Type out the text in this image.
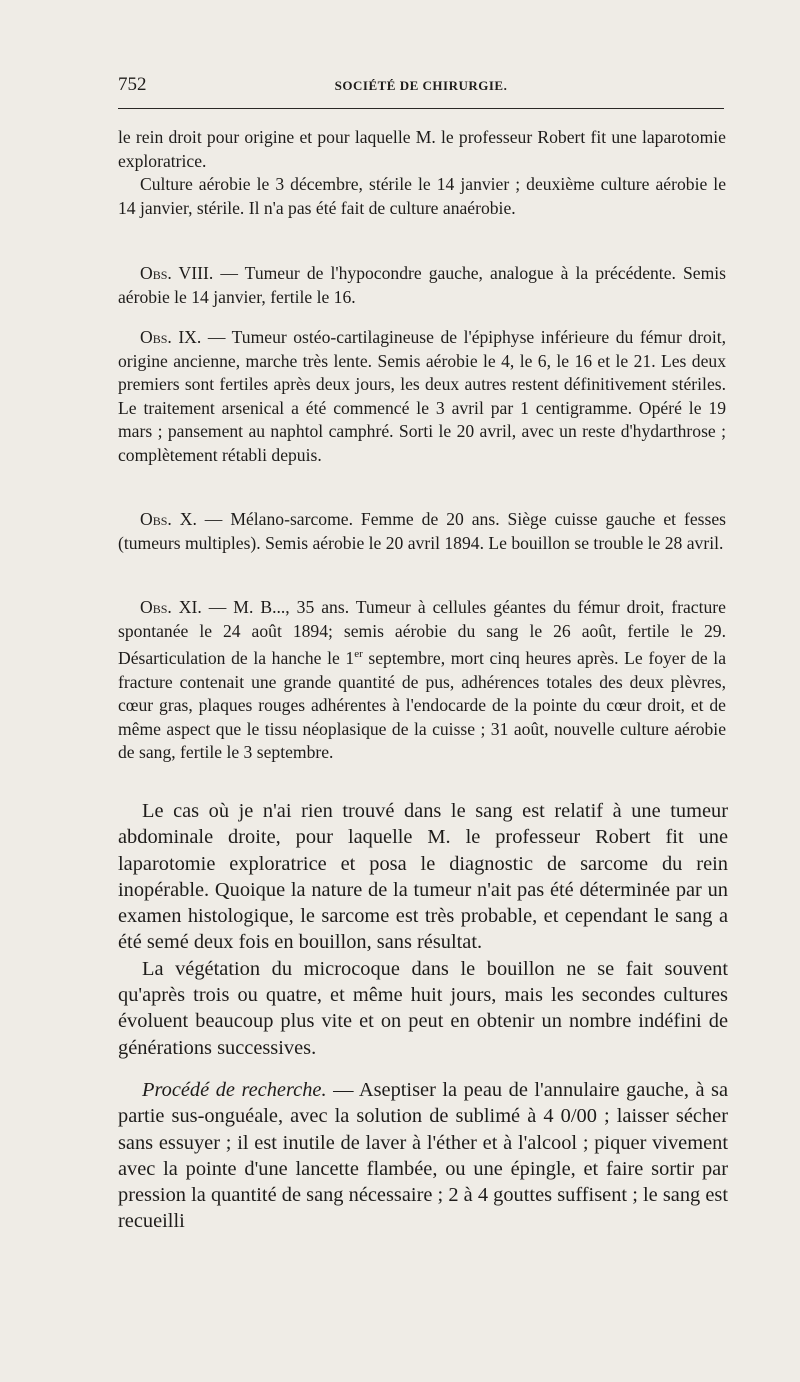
752	SOCIÉTÉ DE CHIRURGIE.

le rein droit pour origine et pour laquelle M. le professeur Robert fit une laparotomie exploratrice.

Culture aérobie le 3 décembre, stérile le 14 janvier ; deuxième culture aérobie le 14 janvier, stérile. Il n'a pas été fait de culture anaérobie.

Obs. VIII. — Tumeur de l'hypocondre gauche, analogue à la précédente. Semis aérobie le 14 janvier, fertile le 16.

Obs. IX. — Tumeur ostéo-cartilagineuse de l'épiphyse inférieure du fémur droit, origine ancienne, marche très lente. Semis aérobie le 4, le 6, le 16 et le 21. Les deux premiers sont fertiles après deux jours, les deux autres restent définitivement stériles. Le traitement arsenical a été commencé le 3 avril par 1 centigramme. Opéré le 19 mars ; pansement au naphtol camphré. Sorti le 20 avril, avec un reste d'hydarthrose ; complètement rétabli depuis.

Obs. X. — Mélano-sarcome. Femme de 20 ans. Siège cuisse gauche et fesses (tumeurs multiples). Semis aérobie le 20 avril 1894. Le bouillon se trouble le 28 avril.

Obs. XI. — M. B..., 35 ans. Tumeur à cellules géantes du fémur droit, fracture spontanée le 24 août 1894; semis aérobie du sang le 26 août, fertile le 29. Désarticulation de la hanche le 1er septembre, mort cinq heures après. Le foyer de la fracture contenait une grande quantité de pus, adhérences totales des deux plèvres, cœur gras, plaques rouges adhérentes à l'endocarde de la pointe du cœur droit, et de même aspect que le tissu néoplasique de la cuisse ; 31 août, nouvelle culture aérobie de sang, fertile le 3 septembre.

Le cas où je n'ai rien trouvé dans le sang est relatif à une tumeur abdominale droite, pour laquelle M. le professeur Robert fit une laparotomie exploratrice et posa le diagnostic de sarcome du rein inopérable. Quoique la nature de la tumeur n'ait pas été déterminée par un examen histologique, le sarcome est très probable, et cependant le sang a été semé deux fois en bouillon, sans résultat.

La végétation du microcoque dans le bouillon ne se fait souvent qu'après trois ou quatre, et même huit jours, mais les secondes cultures évoluent beaucoup plus vite et on peut en obtenir un nombre indéfini de générations successives.

Procédé de recherche. — Aseptiser la peau de l'annulaire gauche, à sa partie sus-onguéale, avec la solution de sublimé à 4 0/00 ; laisser sécher sans essuyer ; il est inutile de laver à l'éther et à l'alcool ; piquer vivement avec la pointe d'une lancette flambée, ou une épingle, et faire sortir par pression la quantité de sang nécessaire ; 2 à 4 gouttes suffisent ; le sang est recueilli
